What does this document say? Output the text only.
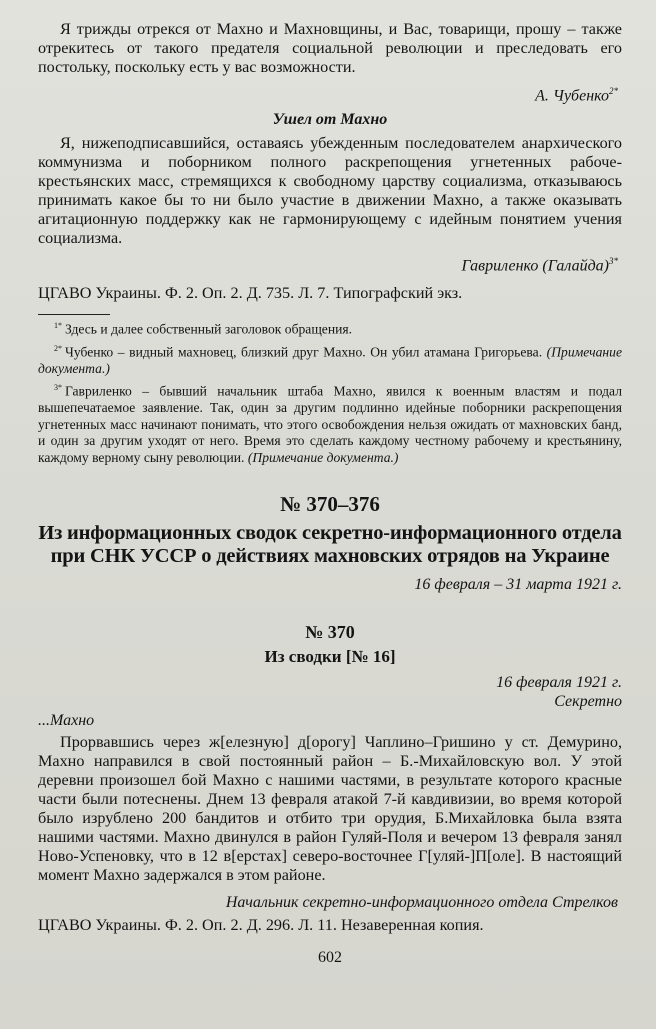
Я трижды отрекся от Махно и Махновщины, и Вас, товарищи, прошу – также отрекитесь от такого предателя социальной революции и преследовать его постольку, поскольку есть у вас возможности.

А. Чубенко$^{2*}$

Ушел от Махно

Я, нижеподписавшийся, оставаясь убежденным последователем анархического коммунизма и поборником полного раскрепощения угнетенных рабоче-крестьянских масс, стремящихся к свободному царству социализма, отказываюсь принимать какое бы то ни было участие в движении Махно, а также оказывать агитационную поддержку как не гармонирующему с идейным понятием учения социализма.

Гавриленко (Галайда)$^{3*}$

ЦГАВО Украины. Ф. 2. Оп. 2. Д. 735. Л. 7. Типографский экз.

$^{1*}$ Здесь и далее собственный заголовок обращения.

$^{2*}$ Чубенко – видный махновец, близкий друг Махно. Он убил атамана Григорьева. (Примечание документа.)

$^{3*}$ Гавриленко – бывший начальник штаба Махно, явился к военным властям и подал вышепечатаемое заявление. Так, один за другим подлинно идейные поборники раскрепощения угнетенных масс начинают понимать, что этого освобождения нельзя ожидать от махновских банд, и один за другим уходят от него. Время это сделать каждому честному рабочему и крестьянину, каждому верному сыну революции. (Примечание документа.)

№ 370–376

Из информационных сводок секретно-информационного отдела

при СНК УССР о действиях махновских отрядов на Украине

16 февраля – 31 марта 1921 г.

№ 370

Из сводки [№ 16]

16 февраля 1921 г.

Секретно

...Махно

Прорвавшись через ж[елезную] д[орогу] Чаплино–Гришино у ст. Демурино, Махно направился в свой постоянный район – Б.-Михайловскую вол. У этой деревни произошел бой Махно с нашими частями, в результате которого красные части были потеснены. Днем 13 февраля атакой 7-й кавдивизии, во время которой было изрублено 200 бандитов и отбито три орудия, Б.Михайловка была взята нашими частями. Махно двинулся в район Гуляй-Поля и вечером 13 февраля занял Ново-Успеновку, что в 12 в[ерстах] северо-восточнее Г[уляй-]П[оле]. В настоящий момент Махно задержался в этом районе.

Начальник секретно-информационного отдела Стрелков

ЦГАВО Украины. Ф. 2. Оп. 2. Д. 296. Л. 11. Незаверенная копия.

602
